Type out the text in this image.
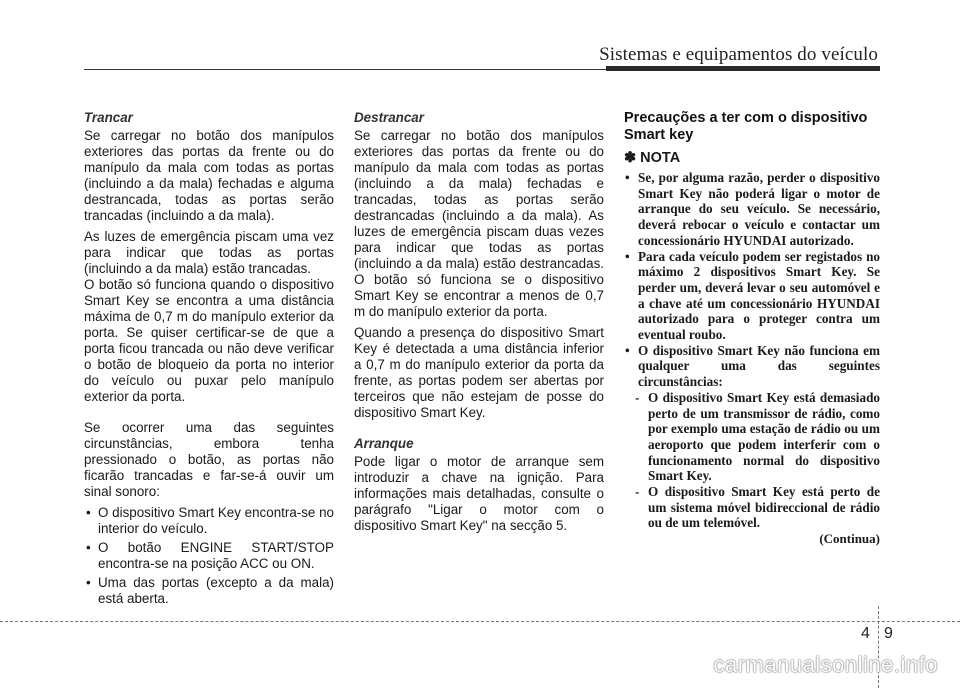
Sistemas e equipamentos do veículo
Trancar

Se carregar no botão dos manípulos exteriores das portas da frente ou do manípulo da mala com todas as portas (incluindo a da mala) fechadas e alguma destrancada, todas as portas serão trancadas (incluindo a da mala).

As luzes de emergência piscam uma vez para indicar que todas as portas (incluindo a da mala) estão trancadas.

O botão só funciona quando o dispositivo Smart Key se encontra a uma distância máxima de 0,7 m do manípulo exterior da porta. Se quiser certificar-se de que a porta ficou trancada ou não deve verificar o botão de bloqueio da porta no interior do veículo ou puxar pelo manípulo exterior da porta.

Se ocorrer uma das seguintes circunstâncias, embora tenha pressionado o botão, as portas não ficarão trancadas e far-se-á ouvir um sinal sonoro:

• O dispositivo Smart Key encontra-se no interior do veículo.
• O botão ENGINE START/STOP encontra-se na posição ACC ou ON.
• Uma das portas (excepto a da mala) está aberta.
Destrancar

Se carregar no botão dos manípulos exteriores das portas da frente ou do manípulo da mala com todas as portas (incluindo a da mala) fechadas e trancadas, todas as portas serão destrancadas (incluindo a da mala). As luzes de emergência piscam duas vezes para indicar que todas as portas (incluindo a da mala) estão destrancadas. O botão só funciona se o dispositivo Smart Key se encontrar a menos de 0,7 m do manípulo exterior da porta.

Quando a presença do dispositivo Smart Key é detectada a uma distância inferior a 0,7 m do manípulo exterior da porta da frente, as portas podem ser abertas por terceiros que não estejam de posse do dispositivo Smart Key.

Arranque

Pode ligar o motor de arranque sem introduzir a chave na ignição. Para informações mais detalhadas, consulte o parágrafo "Ligar o motor com o dispositivo Smart Key" na secção 5.

Precauções a ter com o dispositivo Smart key
✽ NOTA
• Se, por alguma razão, perder o dispositivo Smart Key não poderá ligar o motor de arranque do seu veículo. Se necessário, deverá rebocar o veículo e contactar um concessionário HYUNDAI autorizado.
• Para cada veículo podem ser registados no máximo 2 dispositivos Smart Key. Se perder um, deverá levar o seu automóvel e a chave até um concessionário HYUNDAI autorizado para o proteger contra um eventual roubo.
• O dispositivo Smart Key não funciona em qualquer uma das seguintes circunstâncias:
- O dispositivo Smart Key está demasiado perto de um transmissor de rádio, como por exemplo uma estação de rádio ou um aeroporto que podem interferir com o funcionamento normal do dispositivo Smart Key.
- O dispositivo Smart Key está perto de um sistema móvel bidireccional de rádio ou de um telemóvel.
(Continua)
4 9
carmanualsonline.info
